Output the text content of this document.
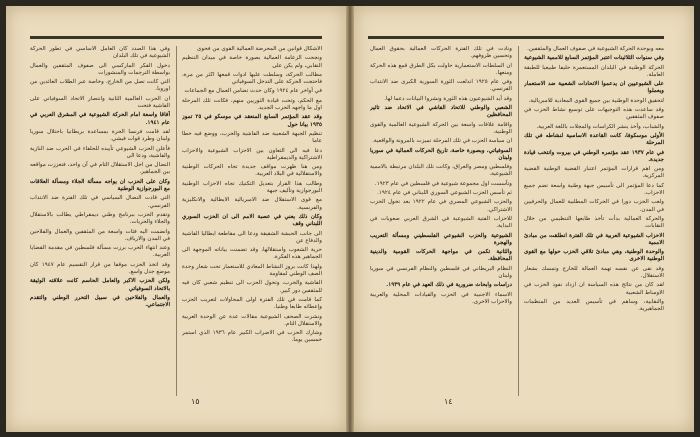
الاشكال قوانين من المحرضة العمالية القوى من فحوى

ونجحت الزعامة العمالية بصورة خاصة في ميدان التنظيم النقابي، ولم يكن على

مطالب الحركة، وسلطت عليها ادوات قمعها اكثر من مرة، فاحتجت الحركة على التدخل السوفياتي

في أواخر عام ١٩٢٤ وكان حدث تضامن العمال مع الجماعات

مع الحكم، وتحت قيادة الثوريين منهم، فكانت تلك المرحلة اول ما واجهه الحزب الجديد.

وقد عقد المؤتمر السابع المنعقد في موسكو في ٢٥ تموز ١٩٣٥ بيانا حول

تنظيم الجبهة الشعبية ضد الفاشية والحرب، ووضع فيه خطا عاما

دعا فيه الى التعاون بين الاحزاب الشيوعية والاحزاب الاشتراكية والديمقراطية

ومن هنا ظهرت مواقف جديدة تجاه الحركات الوطنية والاستقلالية في البلاد العربية.

وطالب هذا القرار بتعديل التكتيك تجاه الاحزاب الوطنية البورجوازية وتأليف جبهة

مع قوى الاستقلال ضد الامبريالية الايطالية والانكليزية والفرنسية.

وكان ذلك يعني في عصبة الامم الى ان الحزب السوري اللبناني وقف

الى جانب الحبشة الشقيقة ودعا الى مقاطعة ايطاليا الفاشية والدفاع عن

حرية الشعوب واستقلالها، وقد تضمنت بياناته الموجهة الى الجماهير هذه الفكرة.

ولهذا كانت بروز النشاط المعادي للاستعمار تحت شعار وحدة الصف الوطني لمقاومة

الفاشية والحرب، وتحول الحزب الى تنظيم شعبي كان فيه للمثقفين دور كبير.

كما قامت في تلك الفترة اولى المحاولات لتعريب الحزب وإعطائه طابعا وطنيا.

ونشرت الصحف الشيوعية مقالات عدة عن الوحدة العربية والاستقلال التام.

وشارك الحزب في الاضراب الكبير عام ١٩٣٦ الذي استمر خمسين يوما.

وفي هذا الصدد كان العامل الاساسي في تطور الحركة الشيوعية في تلك البلدان

دخول الفكر الماركسي الى صفوف المثقفين والعمال بواسطة الترجمات والمنشورات

التي كانت تصل من الخارج، وخاصة عبر الطلاب العائدين من اوروبا.

ان الحرب العالمية الثانية وانتصار الاتحاد السوفياتي على الفاشية فتحت

آفاقا واسعة امام الحركة الشيوعية في المشرق العربي في عام ١٩٤١.

لقد قامت فرنسا الحرة بمساعدة بريطانيا باحتلال سوريا ولبنان وطرد قوات فيشي.

فأعلن الحزب الشيوعي تأييده للحلفاء في الحرب ضد النازية والفاشية، ودعا الى

النضال من اجل الاستقلال التام في آن واحد، فتعززت مواقعه بين الجماهير.

وكان على الحزب ان يواجه مسألة الجلاء ومسألة العلاقات مع البورجوازية الوطنية

التي قادت النضال السياسي في تلك الفترة ضد الانتداب الفرنسي.

وتقدم الحزب ببرنامج وطني ديمقراطي يطالب بالاستقلال والجلاء والحريات.

وانضمت اليه فئات واسعة من المثقفين والعمال والفلاحين في المدن والارياف.

وعند انتهاء الحرب برزت مسألة فلسطين في مقدمة القضايا العربية.

وقد اتخذ الحزب موقفا من قرار التقسيم عام ١٩٤٧ كان موضع جدل واسع.

ولكن الحزب الاكبر والعامل الحاسم كانت علاقته الوثيقة بالاتحاد السوفياتي

والعمال والفلاحين في سبيل التحرر الوطني والتقدم الاجتماعي.

١٥

معه وبوحدة الحركة الشيوعية في صفوف العمال والمثقفين.

وفي سنوات الثلاثينات اعتبر المؤتمر السابع للاممية الشيوعية

الحركة الوطنية في البلدان المستعمرة حليفا طبيعيا للطبقة العاملة.

على الشيوعيين ان يدعموا الاتحادات الشعبية ضد الاستعمار ويعملوا

لتحقيق الوحدة الوطنية بين جميع القوى المعادية للامبريالية.

وقد ساعدت هذه التوجيهات على توسيع نشاط الحزب في صفوف المثقفين

والشباب، وأخذ ينشر الكراسات والمجلات باللغة العربية.

الأولى موسكوفا، كانت القاعدة الاساسية لنشاطه في تلك المرحلة

في عام ١٩٣٧ عقد مؤتمره الوطني في بيروت وانتخب قيادة جديدة.

ومن اهم قرارات المؤتمر اعتبار القضية الوطنية القضية المركزية.

كما دعا المؤتمر الى تأسيس جبهة وطنية واسعة تضم جميع الاحزاب.

ولعب الحزب دورا في الحركات المطلبية للعمال والحرفيين في المدن.

والحركة العمالية بدأت تأخذ طابعها التنظيمي من خلال النقابات.

الاحزاب الشيوعية العربية في تلك الفترة انطلقت من مبادئ الاممية

والوحدة الوطنية، وهي مبادئ تلاقي الحزب حولها مع القوى الوطنية الاخرى

وقد نفى عن نفسه تهمة العمالة للخارج وتمسك بشعار الاستقلال.

لقد كان من نتائج هذه السياسة ان ازداد نفوذ الحزب في الاوساط الشعبية

والنقابية، وساهم في تأسيس العديد من المنظمات الجماهيرية.

ونادت في تلك الفترة الحركات العمالية بحقوق العمال وتحسين ظروفهم.

ان السلطات الاستعمارية حاولت بكل الطرق قمع هذه الحركة ومنعها.

وفي عام ١٩٢٥ اندلعت الثورة السورية الكبرى ضد الانتداب الفرنسي.

وقد أيد الشيوعيون هذه الثورة ونشروا البيانات دعما لها.

الشعبي والوطني للاتحاد الفاشي في الاتحاد ضد تاثير المحافظين

واقامة علاقات واسعة بين الحركة الشيوعية العالمية والقوى الوطنية.

ان سياسة الحزب في تلك المرحلة تميزت بالمرونة والواقعية.

السوفياتي، وبصورة خاصة، تاريخ الحركات العمالية في سوريا ولبنان

وفلسطين ومصر والعراق، وكانت تلك البلدان مرتبطة بالاممية الشيوعية.

وتأسست اول مجموعة شيوعية في فلسطين في عام ١٩٢٣.

ثم تأسس الحزب الشيوعي السوري اللبناني في عام ١٩٢٤.

والحزب الشيوعي المصري في عام ١٩٢٢ بعد تحول الحزب الاشتراكي.

للاحزاب الفتية الشيوعية في الشرق العربي صعوبات في البداية.

الشيوعية والحزب الشيوعي الفلسطيني ومسألة التعريب والهجرة

والثانية تكمن في مواجهة الحركات القومية والدينية المحافظة.

النظام البريطاني في فلسطين والنظام الفرنسي في سوريا ولبنان

دراسات وابحاث ضرورية في ذلك العهد في عام ١٩٣٩.

الاسماء الاجنبية في الحزب والقيادات المحلية والعربية والاحزاب الاخرى.

١٤
